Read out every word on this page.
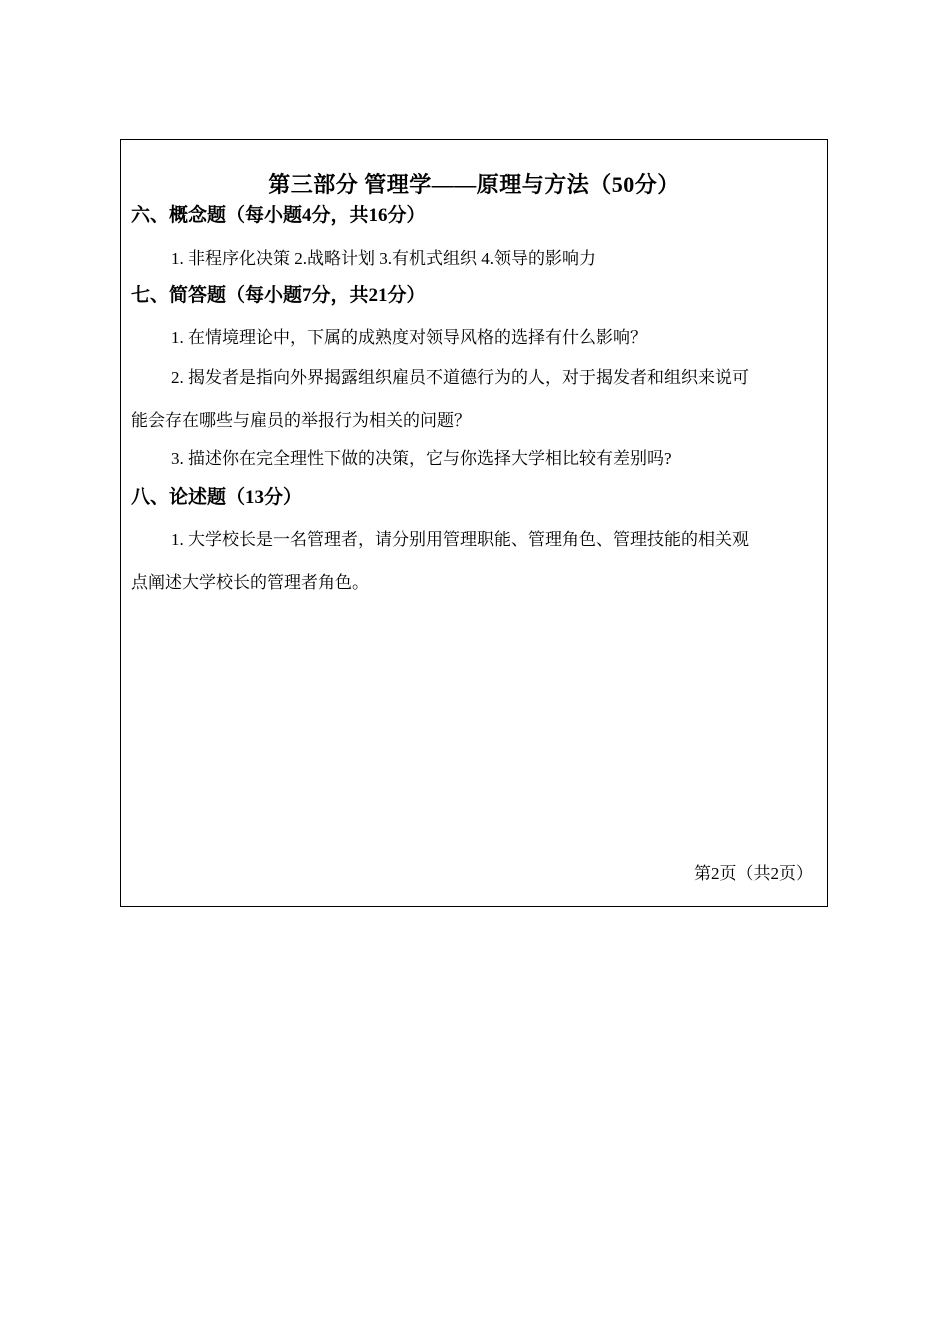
第三部分 管理学——原理与方法（50分）
六、概念题（每小题4分，共16分）
1. 非程序化决策 2.战略计划 3.有机式组织 4.领导的影响力
七、简答题（每小题7分，共21分）
1. 在情境理论中，下属的成熟度对领导风格的选择有什么影响？
2. 揭发者是指向外界揭露组织雇员不道德行为的人，对于揭发者和组织来说可
能会存在哪些与雇员的举报行为相关的问题？
3. 描述你在完全理性下做的决策，它与你选择大学相比较有差别吗?
八、论述题（13分）
1. 大学校长是一名管理者，请分别用管理职能、管理角色、管理技能的相关观
点阐述大学校长的管理者角色。
第2页（共2页）
